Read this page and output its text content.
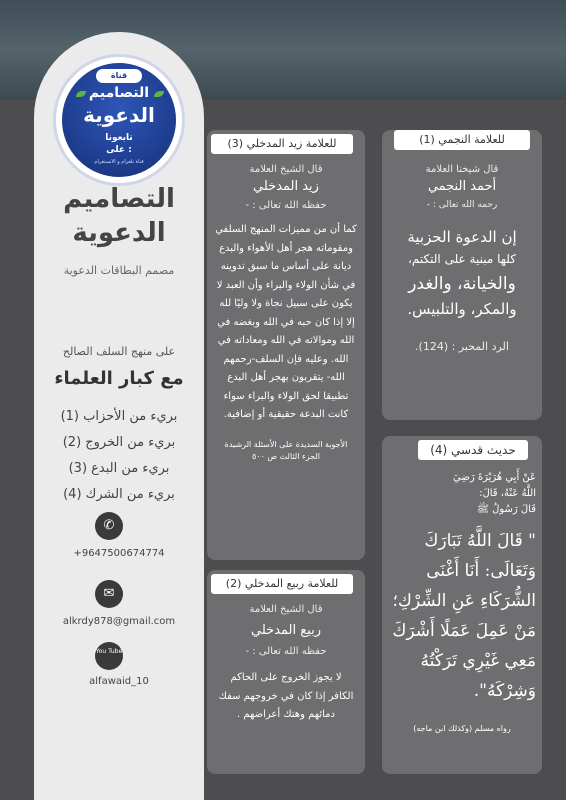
قناة
التصاميم
الدعوية
تابعونا
على :
قناة تلغرام و الانستغرام
التصاميم الدعوية
مصمم البطاقات الدعوية
على منهج السلف الصالح
مع كبار العلماء
بريء من الأحزاب (1)
بريء من الخروج (2)
بريء من البدع (3)
بريء من الشرك (4)
✆
+9647500674774
✉
alkrdy878@gmail.com
You Tube
alfawaid_10
للعلامة النجمي (1)
قال شيخنا العلامة
أحمد النجمي
رحمه الله تعالى : -
إن الدعوة الحزبية
كلها مبنية على التكتم،
والخيانة، والغدر
والمكر، والتلبيس.
الرد المحبر : (124).
حديث قدسي (4)
عَنْ أَبِي هُرَيْرَةَ رَضِيَ
اللَّهُ عَنْهُ، قَالَ:
قَالَ رَسُولُ ﷺ
" قَالَ اللَّهُ تَبَارَكَ وَتَعَالَى: أَنَا أَغْنَى الشُّرَكَاءِ عَنِ الشِّرْكِ؛ مَنْ عَمِلَ عَمَلًا أَشْرَكَ مَعِي غَيْرِي تَرَكْتُهُ وَشِرْكَهُ".
رواه مسلم (وكذلك ابن ماجه)
للعلامة زيد المدخلي (3)
قال الشيخ العلامة
زيد المدخلي
حفظه الله تعالى : -
كما أن من مميزات المنهج السلفي ومقوماته هجر أهل الأهواء والبدع ديانة على أساس ما سبق تدوينه في شأن الولاء والبراء وأن العبد لا يكون على سبيل نجاة ولا وليًا لله إلا إذا كان حبه في الله وبغضه في الله وموالاته في الله ومعاداته في الله. وعليه فإن السلف-رحمهم الله- يتقربون بهجر أهل البدع تطبيقا لحق الولاء والبراء سواء كانت البدعة حقيقية أو إضافية.
الأجوبة السديدة على الأسئلة الرشيدة الجزء الثالث ص ٥٠٠
للعلامة ربيع المدخلي (2)
قال الشيخ العلامة
ربيع المدخلي
حفظه الله تعالى : -
لا يجوز الخروج على الحاكم الكافر إذا كان في خروجهم سفك دمائهم وهتك أعراضهم .
